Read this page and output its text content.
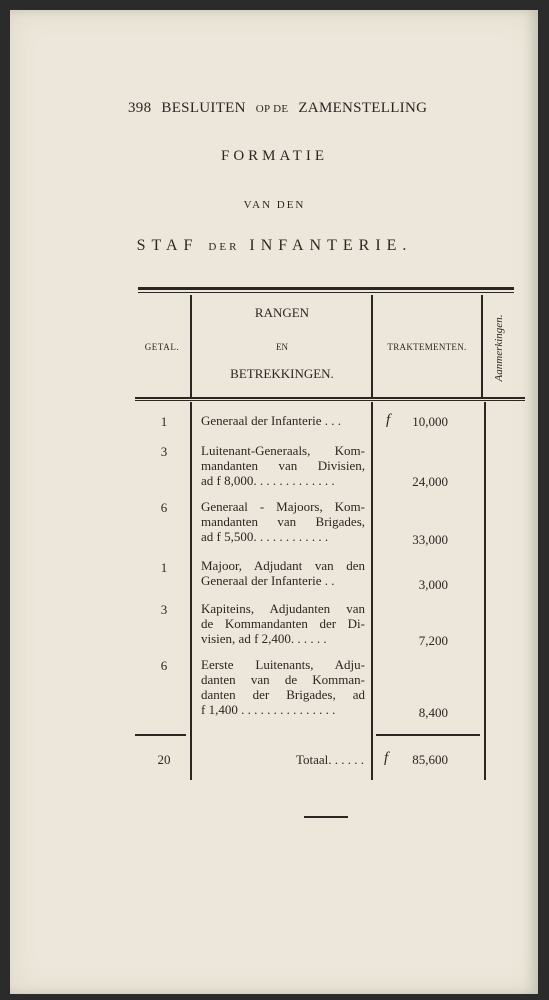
398 BESLUITEN OP DE ZAMENSTELLING
FORMATIE
VAN DEN
STAF DER INFANTERIE.
GETAL.
RANGEN
EN
BETREKKINGEN.
TRAKTEMENTEN.	Aanmerkingen.
1	Generaal der Infanterie . . .	f	10,000
3	Luitenant-Generaals, Kom-
mandanten van Divisien,
ad f 8,000. . . . . . . . . . . . .	24,000
6	Generaal - Majoors, Kom-
mandanten van Brigades,
ad f 5,500. . . . . . . . . . . .	33,000
1	Majoor, Adjudant van den
Generaal der Infanterie . .	3,000
3	Kapiteins, Adjudanten van
de Kommandanten der Di-
visien, ad f 2,400. . . . . .	7,200
6	Eerste Luitenants, Adju-
danten van de Komman-
danten der Brigades, ad
f 1,400 . . . . . . . . . . . . . . .	8,400
20	Totaal. . . . . . f	85,600
